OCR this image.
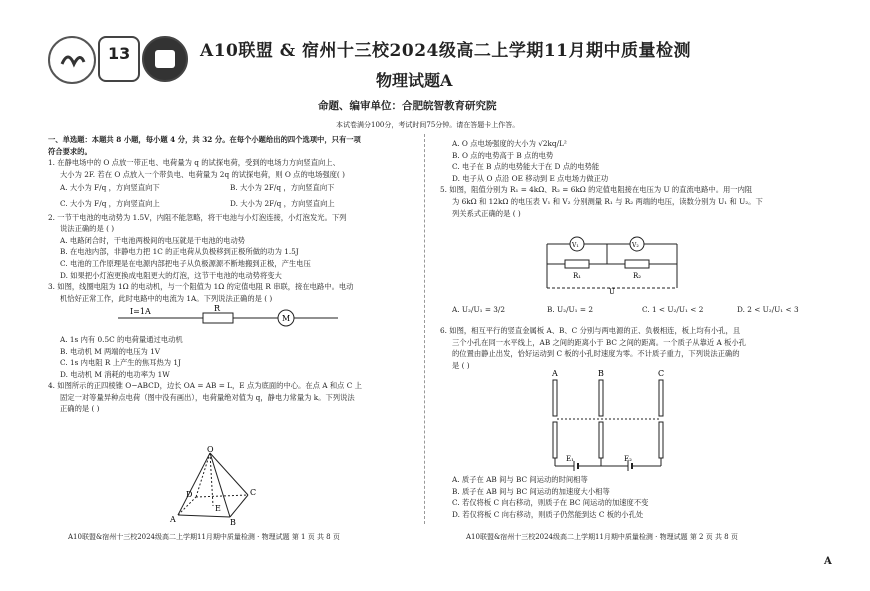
13	A10联盟 & 宿州十三校2024级高二上学期11月期中质量检测
物理试题A
命题、编审单位：合肥皖智教育研究院
本试卷满分100分，考试时间75分钟。请在答题卡上作答。

一、单选题：本题共 8 小题，每小题 4 分，共 32 分。在每个小题给出的四个选项中，只有一项

符合要求的。

1. 在静电场中的 O 点放一带正电、电荷量为 q 的试探电荷，受到的电场力方向竖直向上、

大小为 2F. 若在 O 点放入一个带负电、电荷量为 2q 的试探电荷，则 O 点的电场强度( )

A. 大小为 F/q ，方向竖直向下	B. 大小为 2F/q ，方向竖直向下
C. 大小为 F/q ，方向竖直向上	D. 大小为 2F/q ，方向竖直向上

2. 一节干电池的电动势为 1.5V，内阻不能忽略，将干电池与小灯泡连接，小灯泡发光。下列

说法正确的是 ( )

A. 电路闭合时，干电池两极间的电压就是干电池的电动势

B. 在电池内部，非静电力把 1C 的正电荷从负极移到正极所做的功为 1.5J

C. 电池的工作原理是在电源内部把电子从负极源源不断地搬到正极，产生电压

D. 如果把小灯泡更换成电阻更大的灯泡，这节干电池的电动势将变大

3. 如图，线圈电阻为 1Ω 的电动机，与一个阻值为 1Ω 的定值电阻 R 串联，接在电路中。电动

机恰好正常工作，此时电路中的电流为 1A。下列说法正确的是 ( )

I=1A	R
M

A. 1s 内有 0.5C 的电荷量通过电动机

B. 电动机 M 两端的电压为 1V

C. 1s 内电阻 R 上产生的焦耳热为 1J

D. 电动机 M 消耗的电功率为 1W

4. 如图所示的正四棱锥 O−ABCD，边长 OA = AB = L，E 点为底面的中心。在点 A 和点 C 上

固定一对等量异种点电荷（图中没有画出），电荷量绝对值为 q，静电力常量为 k。下列说法

正确的是 ( )

O
A	B
C
D
E
A10联盟&宿州十三校2024级高二上学期11月期中质量检测 · 物理试题 第 1 页 共 8 页

A. O 点电场强度的大小为 √2kq/L²

B. O 点的电势高于 B 点的电势

C. 电子在 B 点的电势能大于在 D 点的电势能

D. 电子从 O 点沿 OE 移动到 E 点电场力做正功

5. 如图，阻值分别为 R₁ = 4kΩ、R₂ = 6kΩ 的定值电阻接在电压为 U 的直流电路中。用一内阻

为 6kΩ 和 12kΩ 的电压表 V₁ 和 V₂ 分别测量 R₁ 与 R₂ 两端的电压，读数分别为 U₁ 和 U₂。下

列关系式正确的是 ( )

V₁	V₂
R₁	R₂
U
A. U₂/U₁ = 3/2	B. U₂/U₁ = 2	C. 1 < U₂/U₁ < 2	D. 2 < U₂/U₁ < 3

6. 如图，相互平行的竖直金属板 A、B、C 分别与两电源的正、负极相连，板上均有小孔，且

三个小孔在同一水平线上，AB 之间的距离小于 BC 之间的距离。一个质子从靠近 A 板小孔

的位置由静止出发，恰好运动到 C 板的小孔时速度为零。不计质子重力，下列说法正确的

是 ( )

A	B	C
E₁	E₂

A. 质子在 AB 间与 BC 间运动的时间相等

B. 质子在 AB 间与 BC 间运动的加速度大小相等

C. 若仅将板 C 向右移动，则质子在 BC 间运动的加速度不变

D. 若仅将板 C 向右移动，则质子仍然能到达 C 板的小孔处

A10联盟&宿州十三校2024级高二上学期11月期中质量检测 · 物理试题 第 2 页 共 8 页
A
